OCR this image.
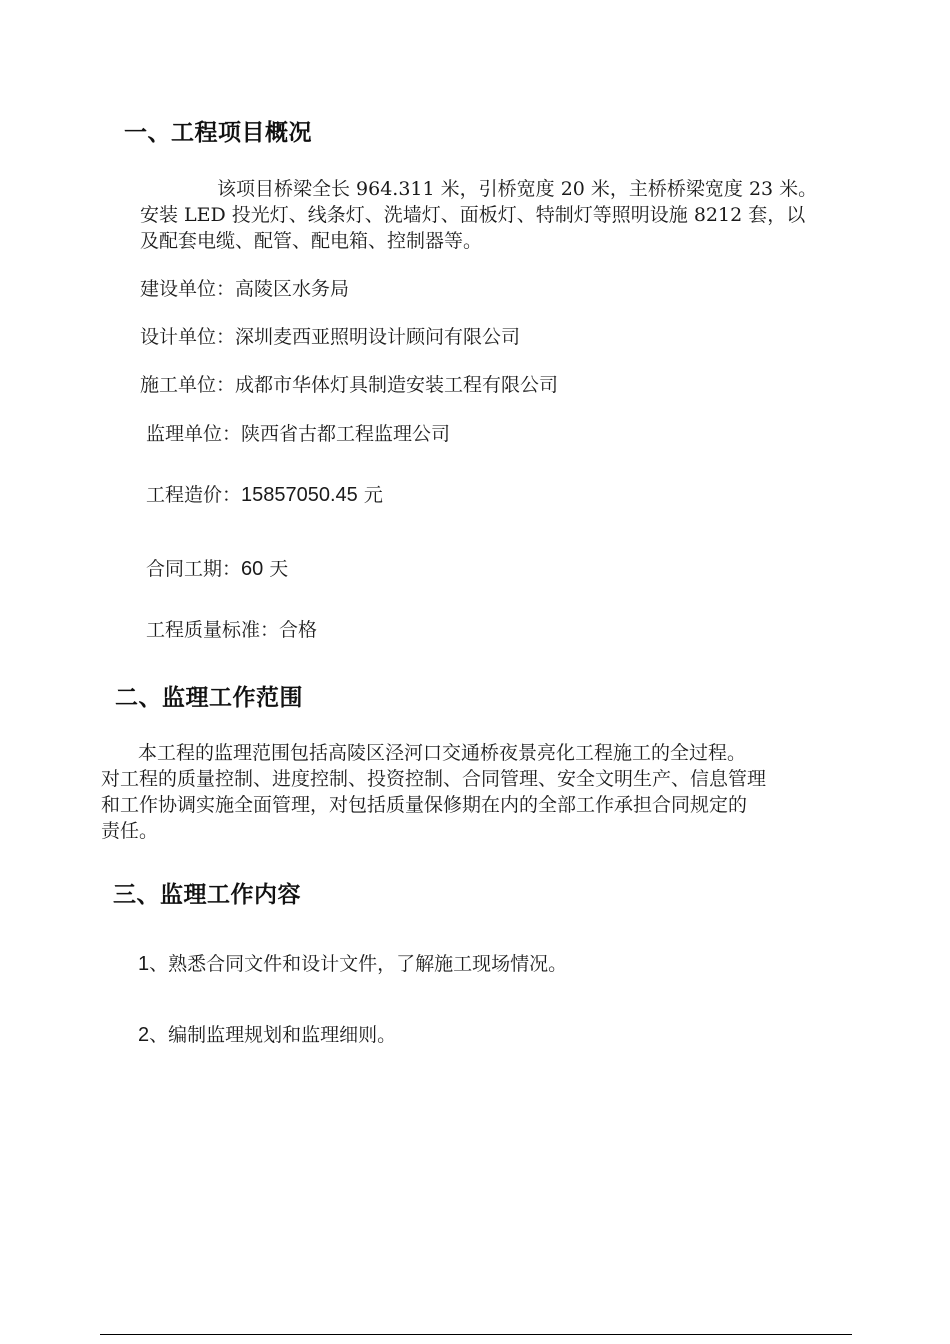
一、工程项目概况
该项目桥梁全长 964.311 米，引桥宽度 20 米，主桥桥梁宽度 23 米。
安装 LED 投光灯、线条灯、洗墙灯、面板灯、特制灯等照明设施 8212 套，以
及配套电缆、配管、配电箱、控制器等。
建设单位：高陵区水务局
设计单位：深圳麦西亚照明设计顾问有限公司
施工单位：成都市华体灯具制造安装工程有限公司
监理单位：陕西省古都工程监理公司
工程造价：15857050.45 元
合同工期：60 天
工程质量标准：合格
二、监理工作范围
本工程的监理范围包括高陵区泾河口交通桥夜景亮化工程施工的全过程。
对工程的质量控制、进度控制、投资控制、合同管理、安全文明生产、信息管理
和工作协调实施全面管理，对包括质量保修期在内的全部工作承担合同规定的
责任。
三、监理工作内容
1、熟悉合同文件和设计文件，了解施工现场情况。
2、编制监理规划和监理细则。
